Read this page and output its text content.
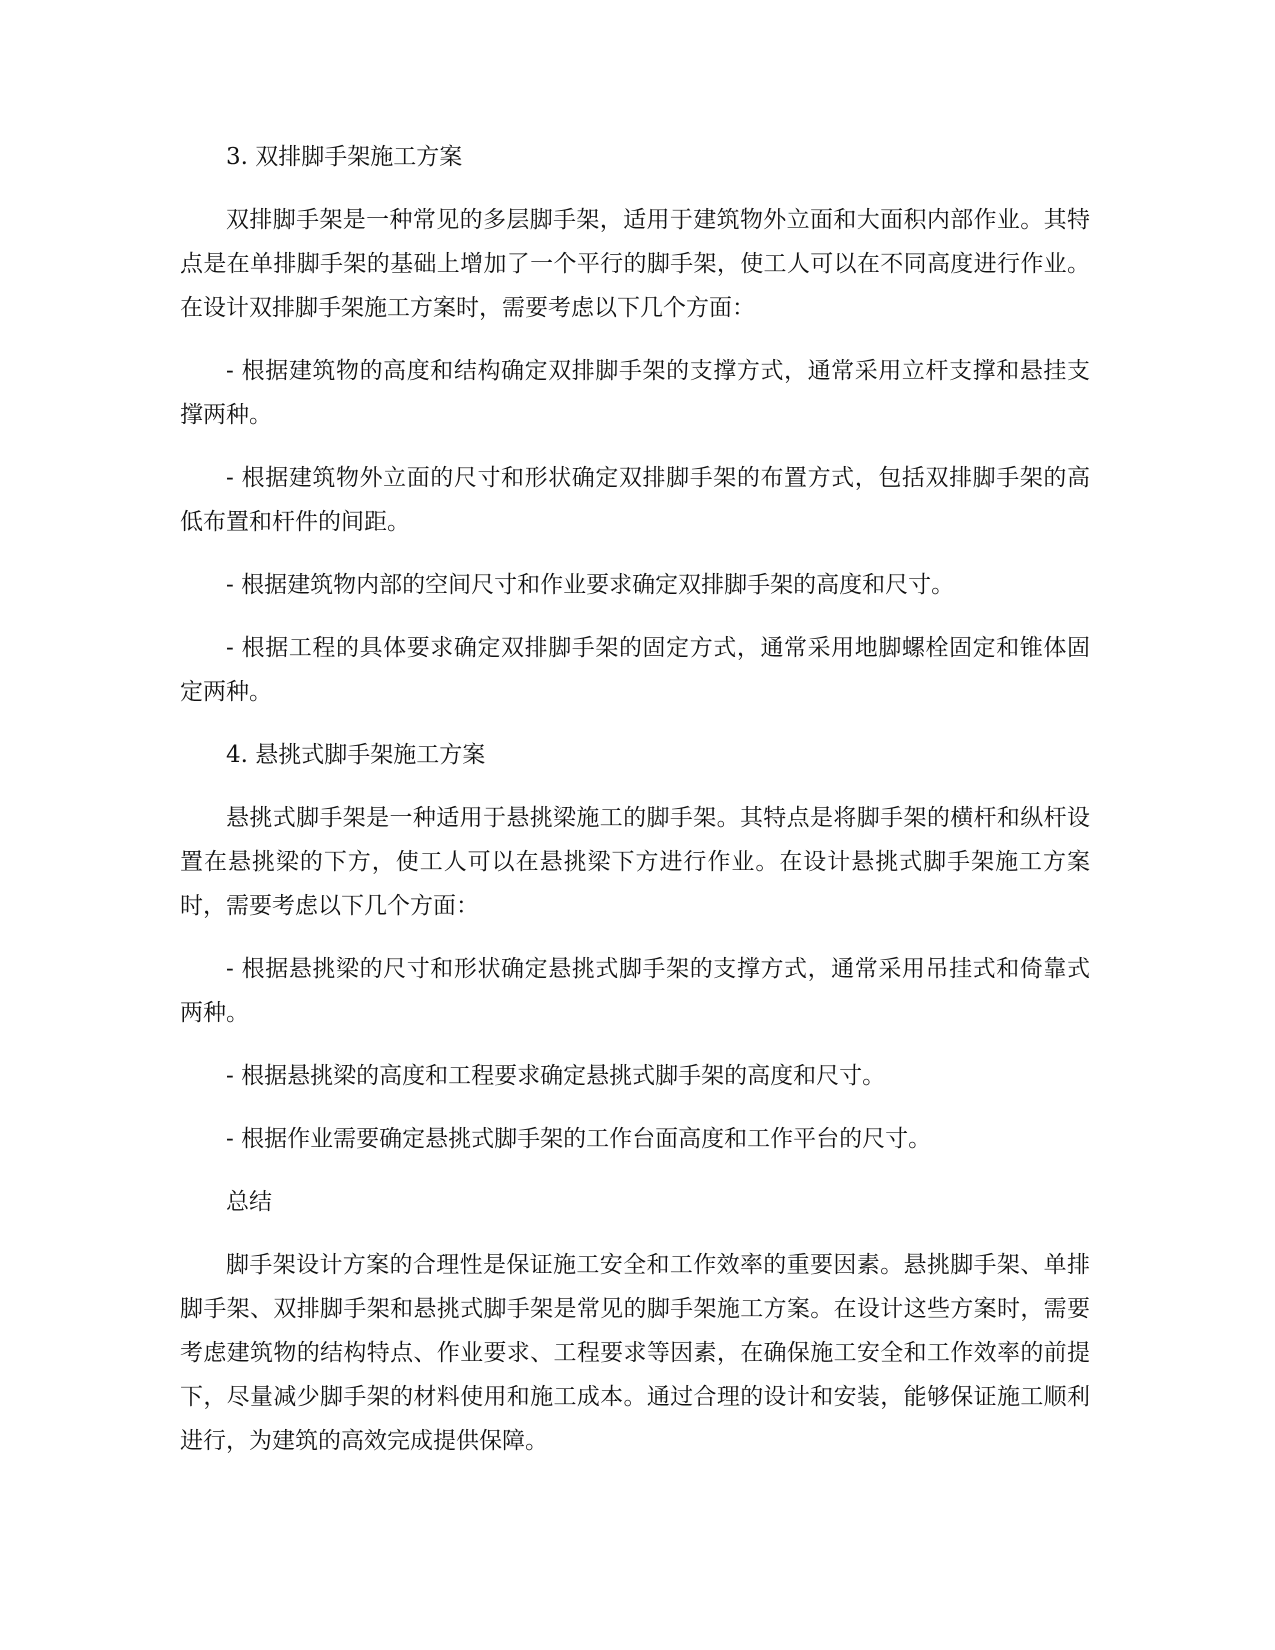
3. 双排脚手架施工方案

双排脚手架是一种常见的多层脚手架，适用于建筑物外立面和大面积内部作业。其特点是在单排脚手架的基础上增加了一个平行的脚手架，使工人可以在不同高度进行作业。在设计双排脚手架施工方案时，需要考虑以下几个方面：

- 根据建筑物的高度和结构确定双排脚手架的支撑方式，通常采用立杆支撑和悬挂支撑两种。

- 根据建筑物外立面的尺寸和形状确定双排脚手架的布置方式，包括双排脚手架的高低布置和杆件的间距。

- 根据建筑物内部的空间尺寸和作业要求确定双排脚手架的高度和尺寸。

- 根据工程的具体要求确定双排脚手架的固定方式，通常采用地脚螺栓固定和锥体固定两种。

4. 悬挑式脚手架施工方案

悬挑式脚手架是一种适用于悬挑梁施工的脚手架。其特点是将脚手架的横杆和纵杆设置在悬挑梁的下方，使工人可以在悬挑梁下方进行作业。在设计悬挑式脚手架施工方案时，需要考虑以下几个方面：

- 根据悬挑梁的尺寸和形状确定悬挑式脚手架的支撑方式，通常采用吊挂式和倚靠式两种。

- 根据悬挑梁的高度和工程要求确定悬挑式脚手架的高度和尺寸。

- 根据作业需要确定悬挑式脚手架的工作台面高度和工作平台的尺寸。

总结

脚手架设计方案的合理性是保证施工安全和工作效率的重要因素。悬挑脚手架、单排脚手架、双排脚手架和悬挑式脚手架是常见的脚手架施工方案。在设计这些方案时，需要考虑建筑物的结构特点、作业要求、工程要求等因素，在确保施工安全和工作效率的前提下，尽量减少脚手架的材料使用和施工成本。通过合理的设计和安装，能够保证施工顺利进行，为建筑的高效完成提供保障。
